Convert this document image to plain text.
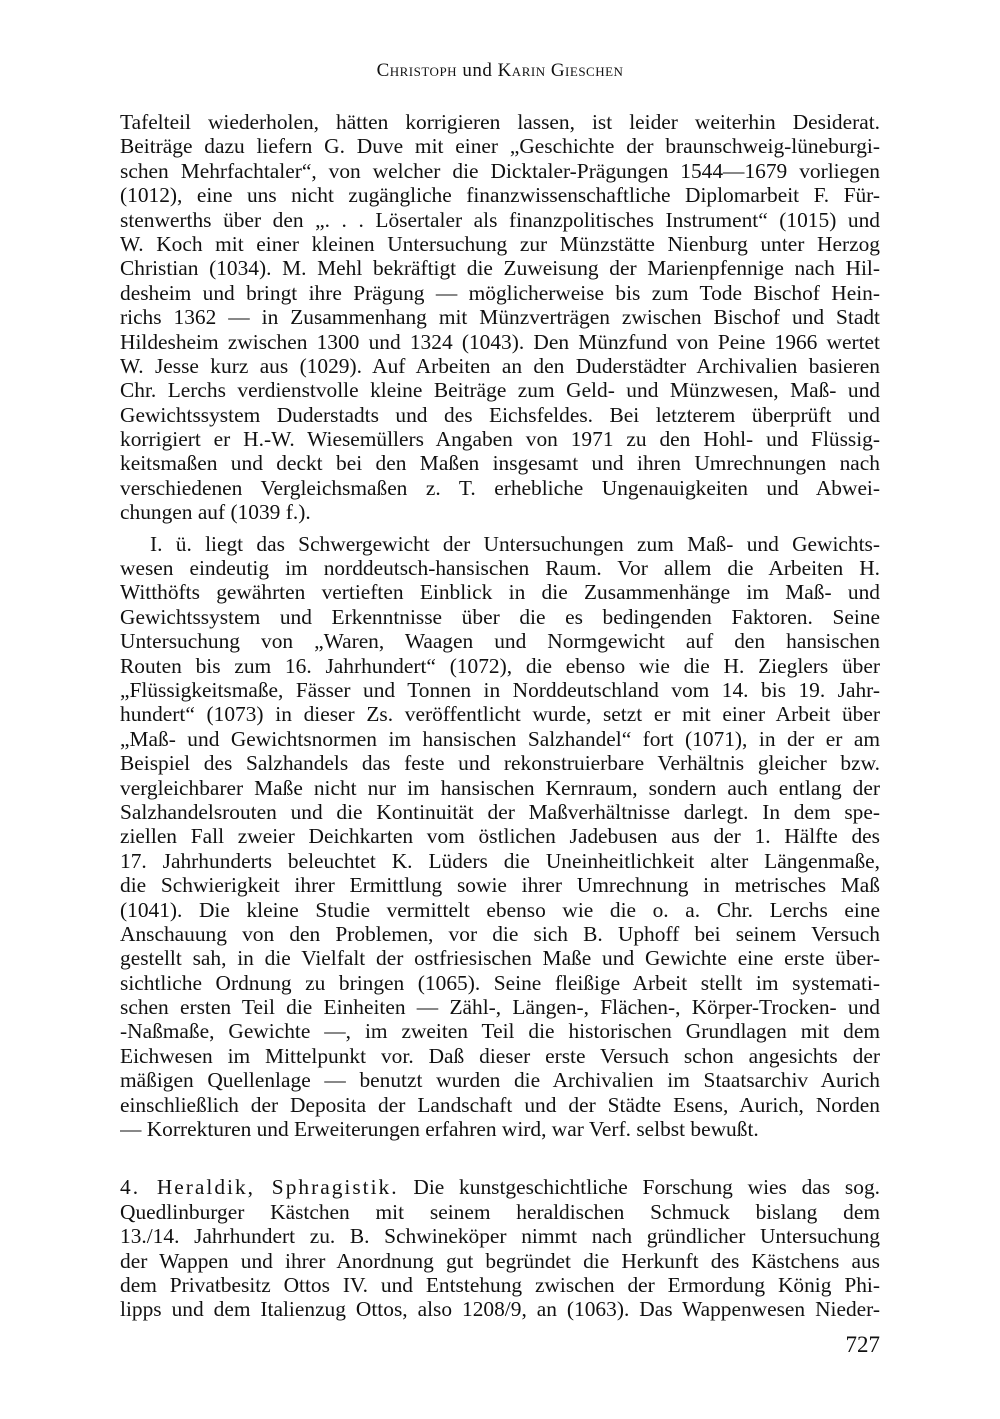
Christoph und Karin Gieschen
Tafelteil wiederholen, hätten korrigieren lassen, ist leider weiterhin Desiderat.
Beiträge dazu liefern G. Duve mit einer „Geschichte der braunschweig-lüneburgi-
schen Mehrfachtaler“, von welcher die Dicktaler-Prägungen 1544—1679 vorliegen
(1012), eine uns nicht zugängliche finanzwissenschaftliche Diplomarbeit F. Für-
stenwerths über den „. . . Lösertaler als finanzpolitisches Instrument“ (1015) und
W. Koch mit einer kleinen Untersuchung zur Münzstätte Nienburg unter Herzog
Christian (1034). M. Mehl bekräftigt die Zuweisung der Marienpfennige nach Hil-
desheim und bringt ihre Prägung — möglicherweise bis zum Tode Bischof Hein-
richs 1362 — in Zusammenhang mit Münzverträgen zwischen Bischof und Stadt
Hildesheim zwischen 1300 und 1324 (1043). Den Münzfund von Peine 1966 wertet
W. Jesse kurz aus (1029). Auf Arbeiten an den Duderstädter Archivalien basieren
Chr. Lerchs verdienstvolle kleine Beiträge zum Geld- und Münzwesen, Maß- und
Gewichtssystem Duderstadts und des Eichsfeldes. Bei letzterem überprüft und
korrigiert er H.-W. Wiesemüllers Angaben von 1971 zu den Hohl- und Flüssig-
keitsmaßen und deckt bei den Maßen insgesamt und ihren Umrechnungen nach
verschiedenen Vergleichsmaßen z. T. erhebliche Ungenauigkeiten und Abwei-
chungen auf (1039 f.).
I. ü. liegt das Schwergewicht der Untersuchungen zum Maß- und Gewichts-
wesen eindeutig im norddeutsch-hansischen Raum. Vor allem die Arbeiten H.
Witthöfts gewährten vertieften Einblick in die Zusammenhänge im Maß- und
Gewichtssystem und Erkenntnisse über die es bedingenden Faktoren. Seine
Untersuchung von „Waren, Waagen und Normgewicht auf den hansischen
Routen bis zum 16. Jahrhundert“ (1072), die ebenso wie die H. Zieglers über
„Flüssigkeitsmaße, Fässer und Tonnen in Norddeutschland vom 14. bis 19. Jahr-
hundert“ (1073) in dieser Zs. veröffentlicht wurde, setzt er mit einer Arbeit über
„Maß- und Gewichtsnormen im hansischen Salzhandel“ fort (1071), in der er am
Beispiel des Salzhandels das feste und rekonstruierbare Verhältnis gleicher bzw.
vergleichbarer Maße nicht nur im hansischen Kernraum, sondern auch entlang der
Salzhandelsrouten und die Kontinuität der Maßverhältnisse darlegt. In dem spe-
ziellen Fall zweier Deichkarten vom östlichen Jadebusen aus der 1. Hälfte des
17. Jahrhunderts beleuchtet K. Lüders die Uneinheitlichkeit alter Längenmaße,
die Schwierigkeit ihrer Ermittlung sowie ihrer Umrechnung in metrisches Maß
(1041). Die kleine Studie vermittelt ebenso wie die o. a. Chr. Lerchs eine
Anschauung von den Problemen, vor die sich B. Uphoff bei seinem Versuch
gestellt sah, in die Vielfalt der ostfriesischen Maße und Gewichte eine erste über-
sichtliche Ordnung zu bringen (1065). Seine fleißige Arbeit stellt im systemati-
schen ersten Teil die Einheiten — Zähl-, Längen-, Flächen-, Körper-Trocken- und
-Naßmaße, Gewichte —, im zweiten Teil die historischen Grundlagen mit dem
Eichwesen im Mittelpunkt vor. Daß dieser erste Versuch schon angesichts der
mäßigen Quellenlage — benutzt wurden die Archivalien im Staatsarchiv Aurich
einschließlich der Deposita der Landschaft und der Städte Esens, Aurich, Norden
— Korrekturen und Erweiterungen erfahren wird, war Verf. selbst bewußt.
4. Heraldik, Sphragistik. Die kunstgeschichtliche Forschung wies das sog.
Quedlinburger Kästchen mit seinem heraldischen Schmuck bislang dem
13./14. Jahrhundert zu. B. Schwineköper nimmt nach gründlicher Untersuchung
der Wappen und ihrer Anordnung gut begründet die Herkunft des Kästchens aus
dem Privatbesitz Ottos IV. und Entstehung zwischen der Ermordung König Phi-
lipps und dem Italienzug Ottos, also 1208/9, an (1063). Das Wappenwesen Nieder-
727
